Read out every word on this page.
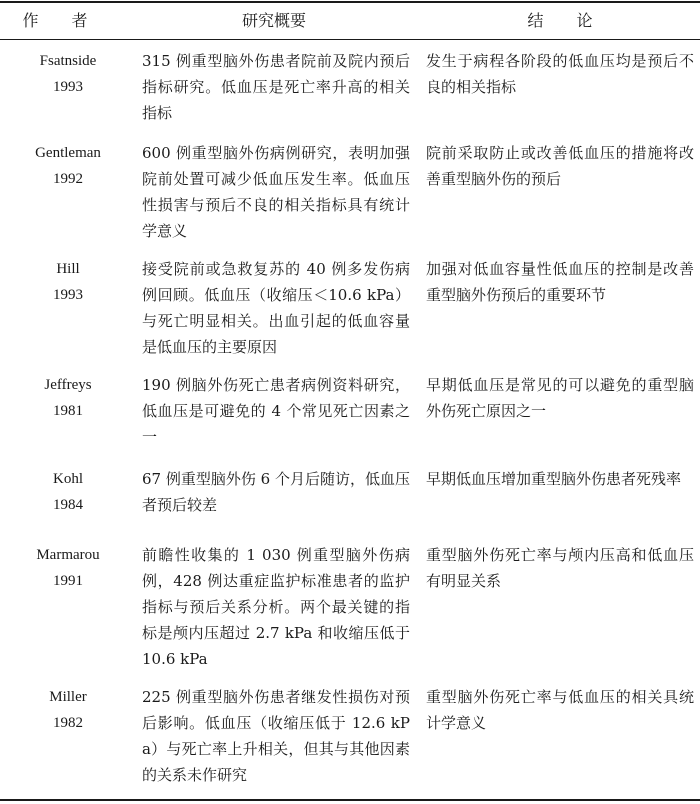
作 者	研究概要	结 论
Fsatnside
1993
315 例重型脑外伤患者院前及院内预后指标研究。低血压是死亡率升高的相关指标
发生于病程各阶段的低血压均是预后不良的相关指标
Gentleman
1992
600 例重型脑外伤病例研究，表明加强院前处置可减少低血压发生率。低血压性损害与预后不良的相关指标具有统计学意义
院前采取防止或改善低血压的措施将改善重型脑外伤的预后
Hill
1993
接受院前或急救复苏的 40 例多发伤病例回顾。低血压（收缩压＜10.6 kPa）与死亡明显相关。出血引起的低血容量是低血压的主要原因
加强对低血容量性低血压的控制是改善重型脑外伤预后的重要环节
Jeffreys
1981
190 例脑外伤死亡患者病例资料研究，低血压是可避免的 4 个常见死亡因素之一
早期低血压是常见的可以避免的重型脑外伤死亡原因之一
Kohl
1984
67 例重型脑外伤 6 个月后随访，低血压者预后较差
早期低血压增加重型脑外伤患者死残率
Marmarou
1991
前瞻性收集的 1 030 例重型脑外伤病例，428 例达重症监护标准患者的监护指标与预后关系分析。两个最关键的指标是颅内压超过 2.7 kPa 和收缩压低于 10.6 kPa
重型脑外伤死亡率与颅内压高和低血压有明显关系
Miller
1982
225 例重型脑外伤患者继发性损伤对预后影响。低血压（收缩压低于 12.6 kPa）与死亡率上升相关，但其与其他因素的关系未作研究
重型脑外伤死亡率与低血压的相关具统计学意义
